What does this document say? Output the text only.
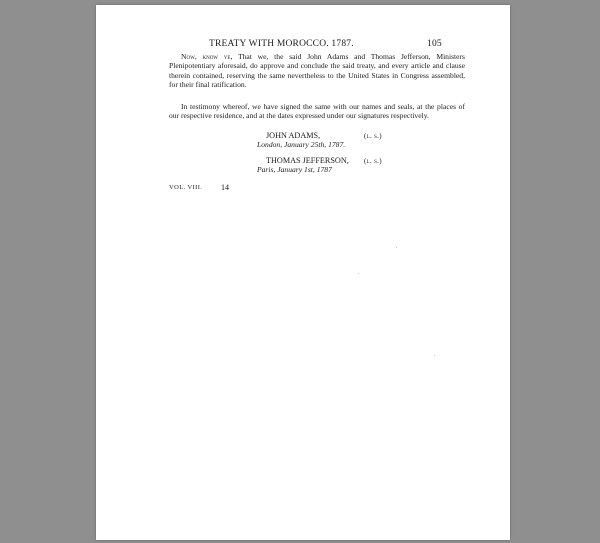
TREATY WITH MOROCCO. 1787.	105
Now, know ye, That we, the said John Adams and Thomas Jefferson, Ministers Plenipotentiary aforesaid, do approve and conclude the said treaty, and every article and clause therein contained, reserving the same nevertheless to the United States in Congress assembled, for their final ratification.
In testimony whereof, we have signed the same with our names and seals, at the places of our respective residence, and at the dates expressed under our signatures respectively.
JOHN ADAMS,	(l. s.)
London, January 25th, 1787.
THOMAS JEFFERSON, (l. s.)
Paris, January 1st, 1787
VOL. VIII. 14
